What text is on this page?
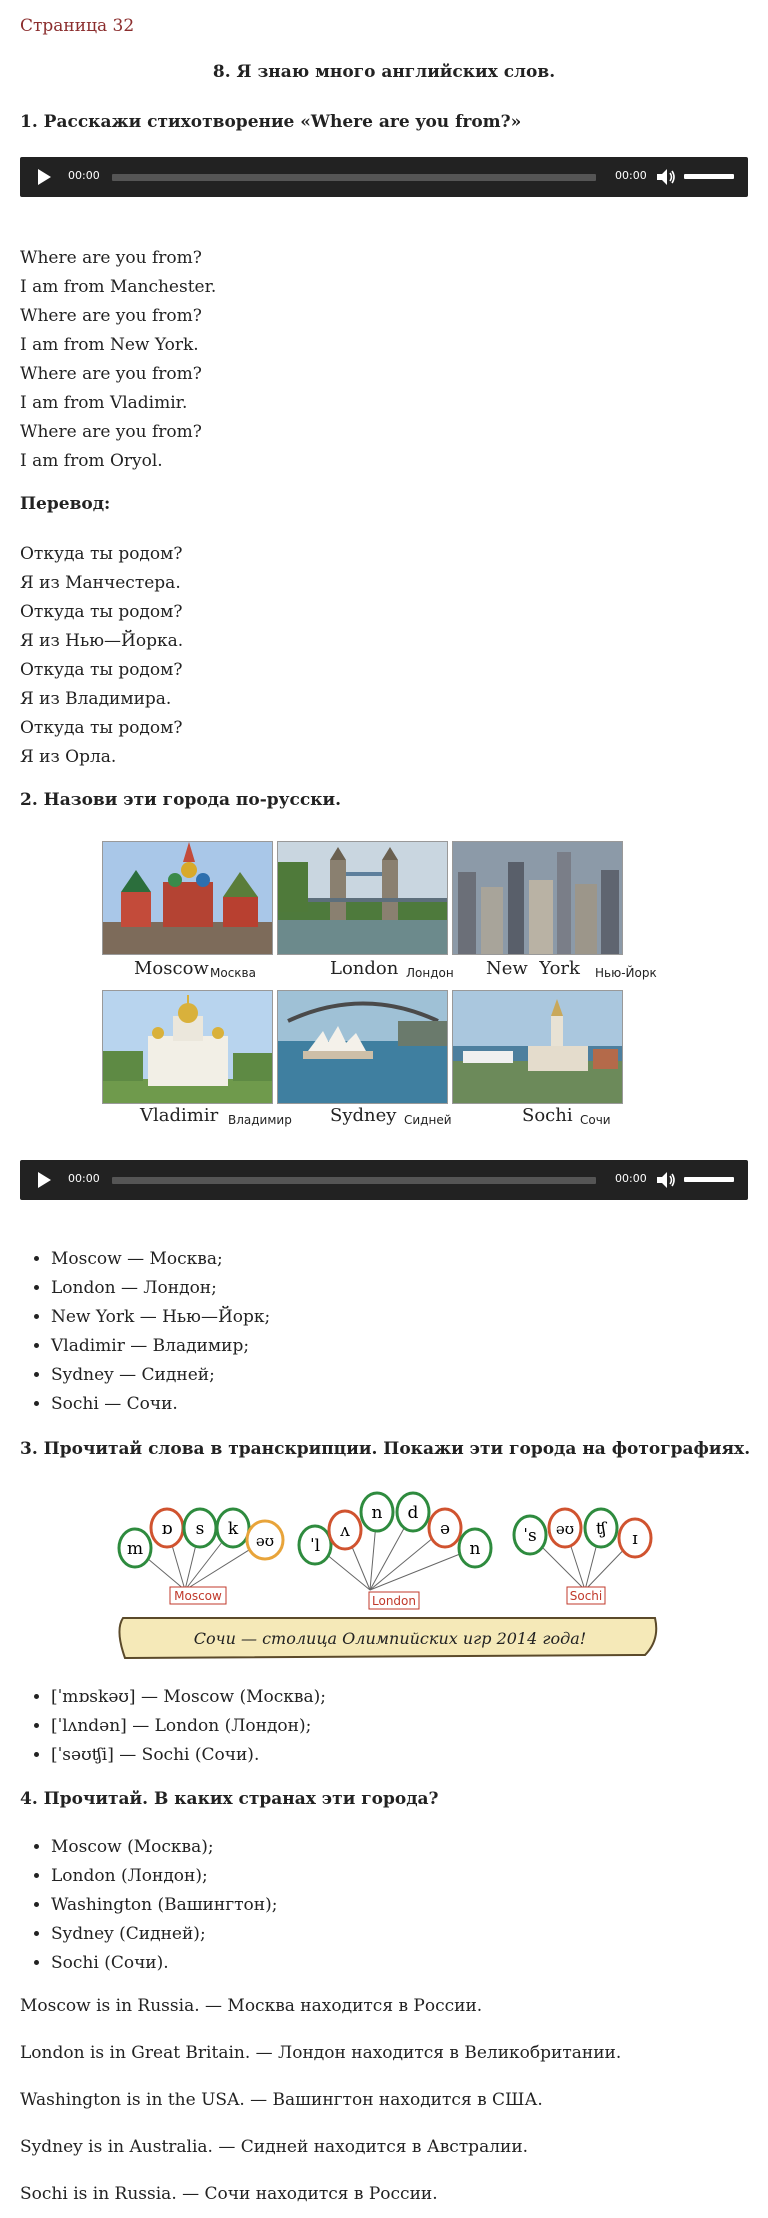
Страница 32
8. Я знаю много английских слов.
1. Расскажи стихотворение «Where are you from?»
00:00	00:00
Where are you from?
I am from Manchester.
Where are you from?
I am from New York.
Where are you from?
I am from Vladimir.
Where are you from?
I am from Oryol.
Перевод:
Откуда ты родом?
Я из Манчестера.
Откуда ты родом?
Я из Нью—Йорка.
Откуда ты родом?
Я из Владимира.
Откуда ты родом?
Я из Орла.
2. Назови эти города по-русски.
Moscow Москва	London Лондон New  York Нью-Йорк
Vladimir Владимир Sydney Сидней	Sochi Сочи
00:00	00:00
• Moscow — Москва;
• London — Лондон;
• New York — Нью—Йорк;
• Vladimir — Владимир;
• Sydney — Сидней;
• Sochi — Сочи.
3. Прочитай слова в транскрипции. Покажи эти города на фотографиях.
m
ɒ s k
əʊ ˈl
ʌ
n d
ə
n
ˈs əʊ ʧ ɪ
Moscow	London	Sochi
Сочи — столица Олимпийских игр 2014 года!
• [ˈmɒskəʊ] — Moscow (Москва);
• [ˈlʌndən] — London (Лондон);
• [ˈsəʊʧi] — Sochi (Сочи).
4. Прочитай. В каких странах эти города?
• Moscow (Москва);
• London (Лондон);
• Washington (Вашингтон);
• Sydney (Сидней);
• Sochi (Сочи).
Moscow is in Russia. — Москва находится в России.
London is in Great Britain. — Лондон находится в Великобритании.
Washington is in the USA. — Вашингтон находится в США.
Sydney is in Australia. — Сидней находится в Австралии.
Sochi is in Russia. — Сочи находится в России.
